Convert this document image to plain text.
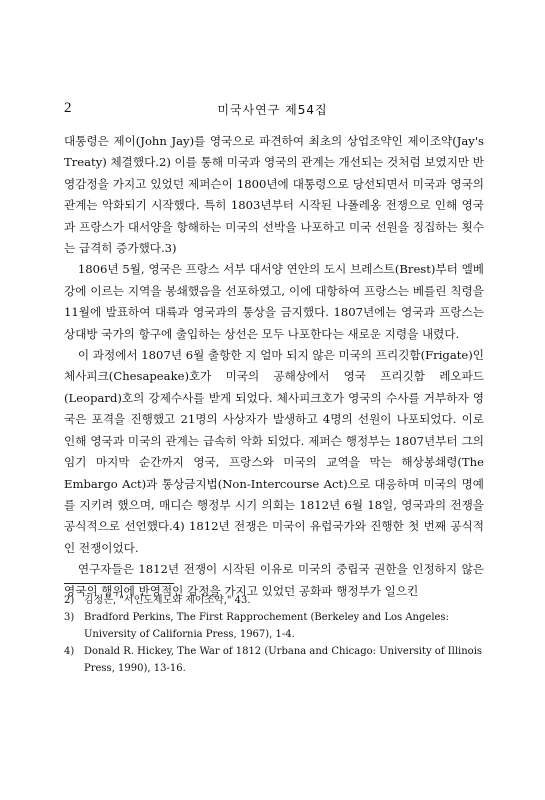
2	미국사연구 제54집

대통령은 제이(John Jay)를 영국으로 파견하여 최초의 상업조약인 제이조약(Jay's Treaty) 체결했다.2) 이를 통해 미국과 영국의 관계는 개선되는 것처럼 보였지만 반영감정을 가지고 있었던 제퍼슨이 1800년에 대통령으로 당선되면서 미국과 영국의 관계는 악화되기 시작했다. 특히 1803년부터 시작된 나폴레옹 전쟁으로 인해 영국과 프랑스가 대서양을 항해하는 미국의 선박을 나포하고 미국 선원을 징집하는 횟수는 급격히 증가했다.3)

1806년 5월, 영국은 프랑스 서부 대서양 연안의 도시 브레스트(Brest)부터 엘베강에 이르는 지역을 봉쇄했음을 선포하였고, 이에 대항하여 프랑스는 베를린 칙령을 11월에 발표하여 대륙과 영국과의 통상을 금지했다. 1807년에는 영국과 프랑스는 상대방 국가의 항구에 출입하는 상선은 모두 나포한다는 새로운 지령을 내렸다.

이 과정에서 1807년 6월 출항한 지 얼마 되지 않은 미국의 프리깃함(Frigate)인 체사피크(Chesapeake)호가 미국의 공해상에서 영국 프리깃함 레오파드(Leopard)호의 강제수사를 받게 되었다. 체사피크호가 영국의 수사를 거부하자 영국은 포격을 진행했고 21명의 사상자가 발생하고 4명의 선원이 나포되었다. 이로 인해 영국과 미국의 관계는 급속히 악화 되었다. 제퍼슨 행정부는 1807년부터 그의 임기 마지막 순간까지 영국, 프랑스와 미국의 교역을 막는 해상봉쇄령(The Embargo Act)과 통상금지법(Non-Intercourse Act)으로 대응하며 미국의 명예를 지키려 했으며, 매디슨 행정부 시기 의회는 1812년 6월 18일, 영국과의 전쟁을 공식적으로 선언했다.4) 1812년 전쟁은 미국이 유럽국가와 진행한 첫 번째 공식적인 전쟁이었다.

연구자들은 1812년 전쟁이 시작된 이유로 미국의 중립국 권한을 인정하지 않은 영국의 행위에 반영적인 감정을 가지고 있었던 공화파 행정부가 일으킨

2) 김정은, "서인도제도와 제이조약," 43.
3) Bradford Perkins, The First Rapprochement (Berkeley and Los Angeles: University of California Press, 1967), 1-4.
4) Donald R. Hickey, The War of 1812 (Urbana and Chicago: University of Illinois Press, 1990), 13-16.
